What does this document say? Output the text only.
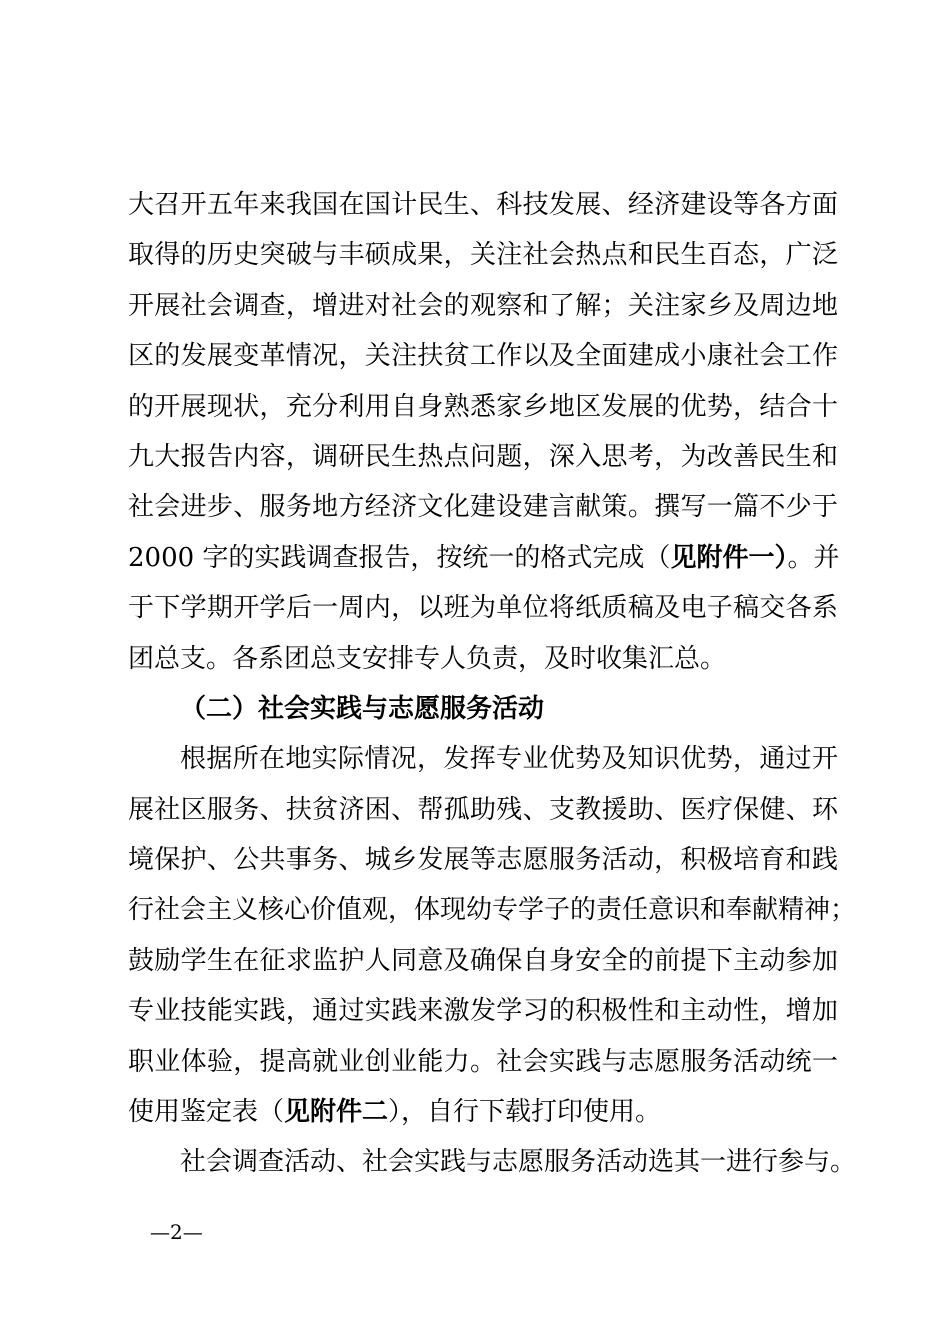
大召开五年来我国在国计民生、科技发展、经济建设等各方面
取得的历史突破与丰硕成果，关注社会热点和民生百态，广泛
开展社会调查，增进对社会的观察和了解；关注家乡及周边地
区的发展变革情况，关注扶贫工作以及全面建成小康社会工作
的开展现状，充分利用自身熟悉家乡地区发展的优势，结合十
九大报告内容，调研民生热点问题，深入思考，为改善民生和
社会进步、服务地方经济文化建设建言献策。撰写一篇不少于
2000 字的实践调查报告，按统一的格式完成（见附件一）。并
于下学期开学后一周内，以班为单位将纸质稿及电子稿交各系
团总支。各系团总支安排专人负责，及时收集汇总。
（二）社会实践与志愿服务活动
根据所在地实际情况，发挥专业优势及知识优势，通过开
展社区服务、扶贫济困、帮孤助残、支教援助、医疗保健、环
境保护、公共事务、城乡发展等志愿服务活动，积极培育和践
行社会主义核心价值观，体现幼专学子的责任意识和奉献精神；
鼓励学生在征求监护人同意及确保自身安全的前提下主动参加
专业技能实践，通过实践来激发学习的积极性和主动性，增加
职业体验，提高就业创业能力。社会实践与志愿服务活动统一
使用鉴定表（见附件二），自行下载打印使用。
社会调查活动、社会实践与志愿服务活动选其一进行参与。
—2—
